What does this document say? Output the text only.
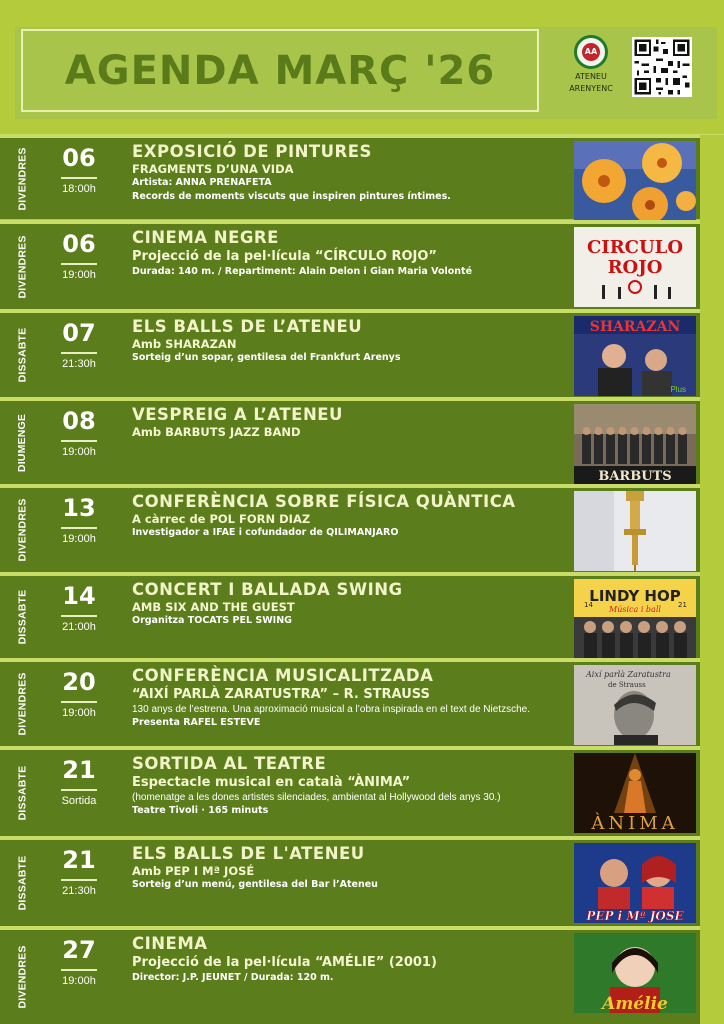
AGENDA MARÇ '26	AA
ATENEU
ARENYENC
DIVENDRES	06
18:00h
EXPOSICIÓ DE PINTURES
FRAGMENTS D’UNA VIDA
Artista: ANNA PRENAFETA
Records de moments viscuts que inspiren pintures íntimes.
DIVENDRES	06
19:00h
CINEMA NEGRE
Projecció de la pel·lícula “CÍRCULO ROJO”
Durada: 140 m. / Repartiment: Alain Delon i Gian Maria Volonté
CIRCULO
ROJO
DISSABTE	07
21:30h
ELS BALLS DE L’ATENEU
Amb SHARAZAN
Sorteig d’un sopar, gentilesa del Frankfurt Arenys
SHARAZAN
Plus
DIUMENGE	08
19:00h
VESPREIG A L’ATENEU
Amb BARBUTS JAZZ BAND
BARBUTS
DIVENDRES	13
19:00h
CONFERÈNCIA SOBRE FÍSICA QUÀNTICA
A càrrec de POL FORN DIAZ
Investigador a IFAE i cofundador de QILIMANJARO
DISSABTE	14
21:00h
CONCERT I BALLADA SWING
AMB SIX AND THE GUEST
Organitza TOCATS PEL SWING
LINDY HOP
Música i ball
14	21
DIVENDRES	20
19:00h
CONFERÈNCIA MUSICALITZADA
“AIXÍ PARLÀ ZARATUSTRA” – R. STRAUSS
130 anys de l’estrena. Una aproximació musical a l’obra inspirada en el text de Nietzsche.
Presenta RAFEL ESTEVE
Així parlà Zaratustra
de Strauss
DISSABTE	21
Sortida
SORTIDA AL TEATRE
Espectacle musical en català “ÀNIMA”
(homenatge a les dones artistes silenciades, ambientat al Hollywood dels anys 30.)
Teatre Tivoli · 165 minuts
ÀNIMA
DISSABTE	21
21:30h
ELS BALLS DE L'ATENEU
Amb PEP I Mª JOSÉ
Sorteig d’un menú, gentilesa del Bar l’Ateneu
PEP i Mª JOSE
DIVENDRES	27
19:00h
CINEMA
Projecció de la pel·lícula “AMÉLIE” (2001)
Director: J.P. JEUNET / Durada: 120 m.
Amélie
